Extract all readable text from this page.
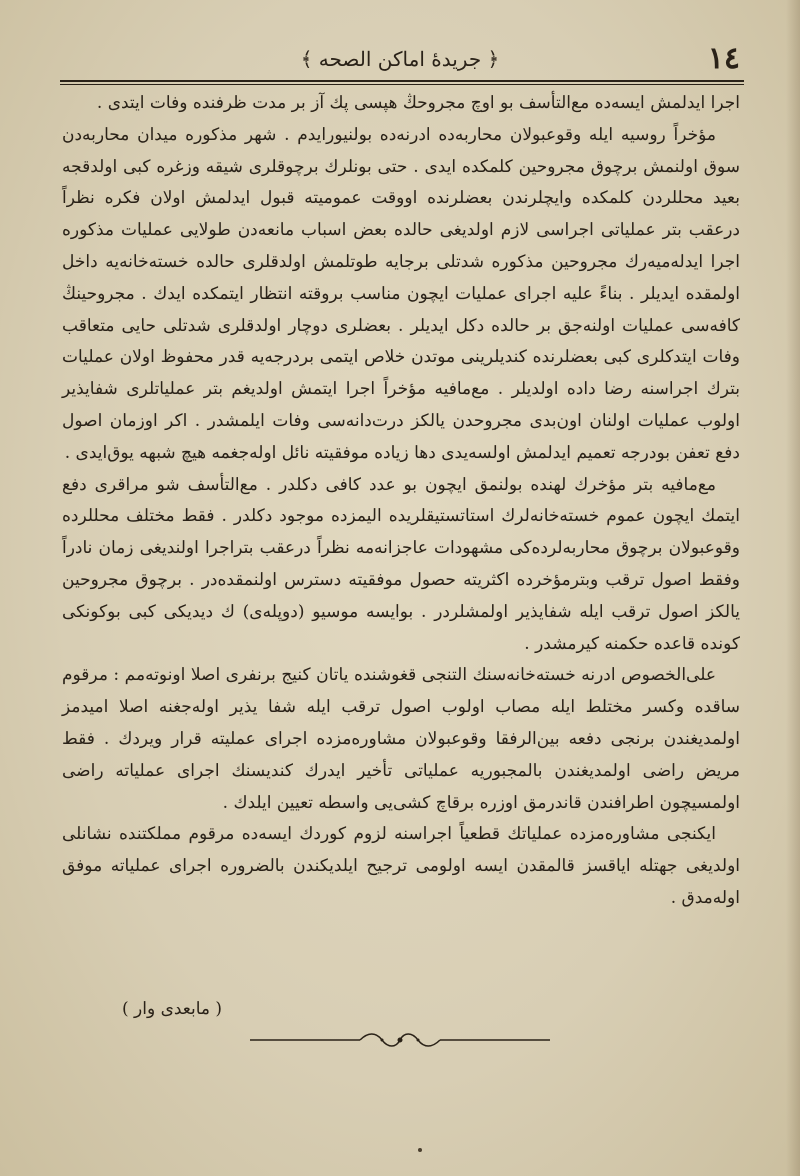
١٤
﴿ جريدۀ اماكن الصحه ﴾

اجرا ايدلمش ايسه‌ده مع‌التأسف بو اوچ مجروحڭ هپسی پك آز بر مدت ظرفنده وفات ايتدی .

مؤخراً روسيه ايله وقوعبولان محاربه‌ده ادرنه‌ده بولنيورايدم . شهر مذكوره ميدان محاربه‌دن سوق اولنمش برچوق مجروحين كلمكده ايدی . حتی بونلرك برچوقلری شيقه وزغره كبی اولدقجه بعيد محللردن كلمكده وايچلرندن بعضلرنده اووقت عموميته قبول ايدلمش اولان فكره نظراً درعقب بتر عملياتی اجراسی لازم اولديغی حالده بعض اسباب مانعه‌دن طولايی عمليات مذكوره اجرا ايدله‌ميه‌رك مجروحين مذكوره شدتلی برجايه طوتلمش اولدقلری حالده خسته‌خانه‌يه داخل اولمقده ايديلر . بناءً عليه اجرای عمليات ايچون مناسب بروقته انتظار ايتمكده ايدك . مجروحينڭ كافه‌سی عمليات اولنه‌جق بر حالده دكل ايديلر . بعضلری دوچار اولدقلری شدتلی حايی متعاقب وفات ايتدكلری كبی بعضلرنده كنديلرينی موتدن خلاص ايتمی بردرجه‌يه قدر محفوظ اولان عمليات بترك اجراسنه رضا داده اولديلر . مع‌مافيه مؤخراً اجرا ايتمش اولديغم بتر عملياتلری شفايذير اولوب عمليات اولنان اون‌بدی مجروحدن يالكز درت‌دانه‌سی وفات ايلمشدر . اكر اوزمان اصول دفع تعفن بودرجه تعميم ايدلمش اولسه‌يدی دها زياده موفقيته نائل اوله‌جغمه هيچ شبهه يوق‌ايدی .

مع‌مافيه بتر مؤخرك لهنده بولنمق ايچون بو عدد كافی دكلدر . مع‌التأسف شو مراقری دفع ايتمك ايچون عموم خسته‌خانه‌لرك استاتستيقلريده اليمزده موجود دكلدر . فقط مختلف محللرده وقوعبولان برچوق محاربه‌لرده‌كی مشهودات عاجزانه‌مه نظراً درعقب بتراجرا اولنديغی زمان نادراً وفقط اصول ترقب وبترمؤخرده اكثريته حصول موفقيته دسترس اولنمقده‌در . برچوق مجروحين يالكز اصول ترقب ايله شفايذير اولمشلردر . بوايسه موسيو (دوپله‌ى) ك ديديكی كبی بوكونكی كونده قاعده حكمنه كيرمشدر .

علی‌الخصوص ادرنه خسته‌خانه‌سنك التنجی قغوشنده ياتان كنيج برنفری اصلا اونوته‌مم : مرقوم ساقده وكسر مختلط ايله مصاب اولوب اصول ترقب ايله شفا يذير اوله‌جغنه اصلا اميدمز اولمديغندن برنجی دفعه بين‌الرفقا وقوعبولان مشاوره‌مزده اجرای عمليته قرار ويردك . فقط مريض راضی اولمديغندن بالمجبوريه عملياتی تأخير ايدرك كنديسنك اجرای عملياته راضی اولمسيچون اطرافندن قاندرمق اوزره برقاچ كشی‌يی واسطه تعيين ايلدك .

ايكنجی مشاوره‌مزده عملياتك قطعياً اجراسنه لزوم كوردك ايسه‌ده مرقوم مملكتنده نشانلی اولديغی جهتله اياقسز قالمقدن ايسه اولومی ترجيح ايلديكندن بالضروره اجرای عملياته موفق اوله‌مدق .

( مابعدی وار )
